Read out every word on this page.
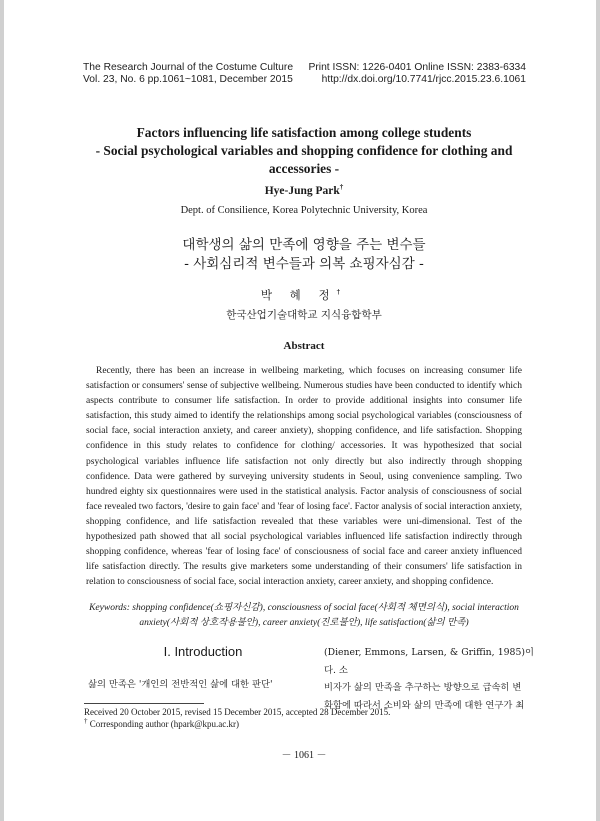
The Research Journal of the Costume Culture
Vol. 23, No. 6 pp.1061~1081, December 2015
Print ISSN: 1226-0401 Online ISSN: 2383-6334
http://dx.doi.org/10.7741/rjcc.2015.23.6.1061
Factors influencing life satisfaction among college students
- Social psychological variables and shopping confidence for clothing and
accessories -
Hye-Jung Park†
Dept. of Consilience, Korea Polytechnic University, Korea
대학생의 삶의 만족에 영향을 주는 변수들
- 사회심리적 변수들과 의복 쇼핑자심감 -
박 혜 정†
한국산업기술대학교 지식융합학부
Abstract
Recently, there has been an increase in wellbeing marketing, which focuses on increasing consumer life satisfaction or consumers' sense of subjective wellbeing. Numerous studies have been conducted to identify which aspects contribute to consumer life satisfaction. In order to provide additional insights into consumer life satisfaction, this study aimed to identify the relationships among social psychological variables (consciousness of social face, social interaction anxiety, and career anxiety), shopping confidence, and life satisfaction. Shopping confidence in this study relates to confidence for clothing/ accessories. It was hypothesized that social psychological variables influence life satisfaction not only directly but also indirectly through shopping confidence. Data were gathered by surveying university students in Seoul, using convenience sampling. Two hundred eighty six questionnaires were used in the statistical analysis. Factor analysis of consciousness of social face revealed two factors, 'desire to gain face' and 'fear of losing face'. Factor analysis of social interaction anxiety, shopping confidence, and life satisfaction revealed that these variables were uni-dimensional. Test of the hypothesized path showed that all social psychological variables influenced life satisfaction indirectly through shopping confidence, whereas 'fear of losing face' of consciousness of social face and career anxiety influenced life satisfaction directly. The results give marketers some understanding of their consumers' life satisfaction in relation to consciousness of social face, social interaction anxiety, career anxiety, and shopping confidence.
Keywords: shopping confidence(쇼핑자신감), consciousness of social face(사회적 체면의식), social interaction
anxiety(사회적 상호작용불안), career anxiety(진로불안), life satisfaction(삶의 만족)
I. Introduction
삶의 만족은 '개인의 전반적인 삶에 대한 판단'
(Diener, Emmons, Larsen, & Griffin, 1985)이다. 소
비자가 삶의 만족을 추구하는 방향으로 급속히 변
화함에 따라서 소비와 삶의 만족에 대한 연구가 최
Received 20 October 2015, revised 15 December 2015, accepted 28 December 2015.
† Corresponding author (hpark@kpu.ac.kr)
－ 1061 －
